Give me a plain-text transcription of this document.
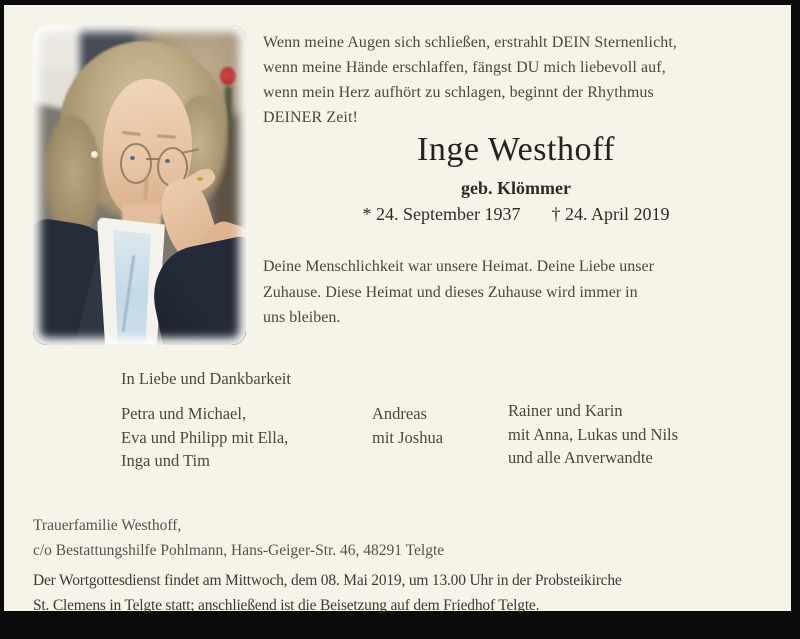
Wenn meine Augen sich schließen, erstrahlt DEIN Sternenlicht,
wenn meine Hände erschlaffen, fängst DU mich liebevoll auf,
wenn mein Herz aufhört zu schlagen, beginnt der Rhythmus
DEINER Zeit!
Inge Westhoff
geb. Klömmer
* 24. September 1937 † 24. April 2019
Deine Menschlichkeit war unsere Heimat. Deine Liebe unser
Zuhause. Diese Heimat und dieses Zuhause wird immer in
uns bleiben.
In Liebe und Dankbarkeit
Petra und Michael,
Eva und Philipp mit Ella,
Inga und Tim
Andreas
mit Joshua
Rainer und Karin
mit Anna, Lukas und Nils
und alle Anverwandte
Trauerfamilie Westhoff,
c/o Bestattungshilfe Pohlmann, Hans-Geiger-Str. 46, 48291 Telgte
Der Wortgottesdienst findet am Mittwoch, dem 08. Mai 2019, um 13.00 Uhr in der Probsteikirche
St. Clemens in Telgte statt; anschließend ist die Beisetzung auf dem Friedhof Telgte.
